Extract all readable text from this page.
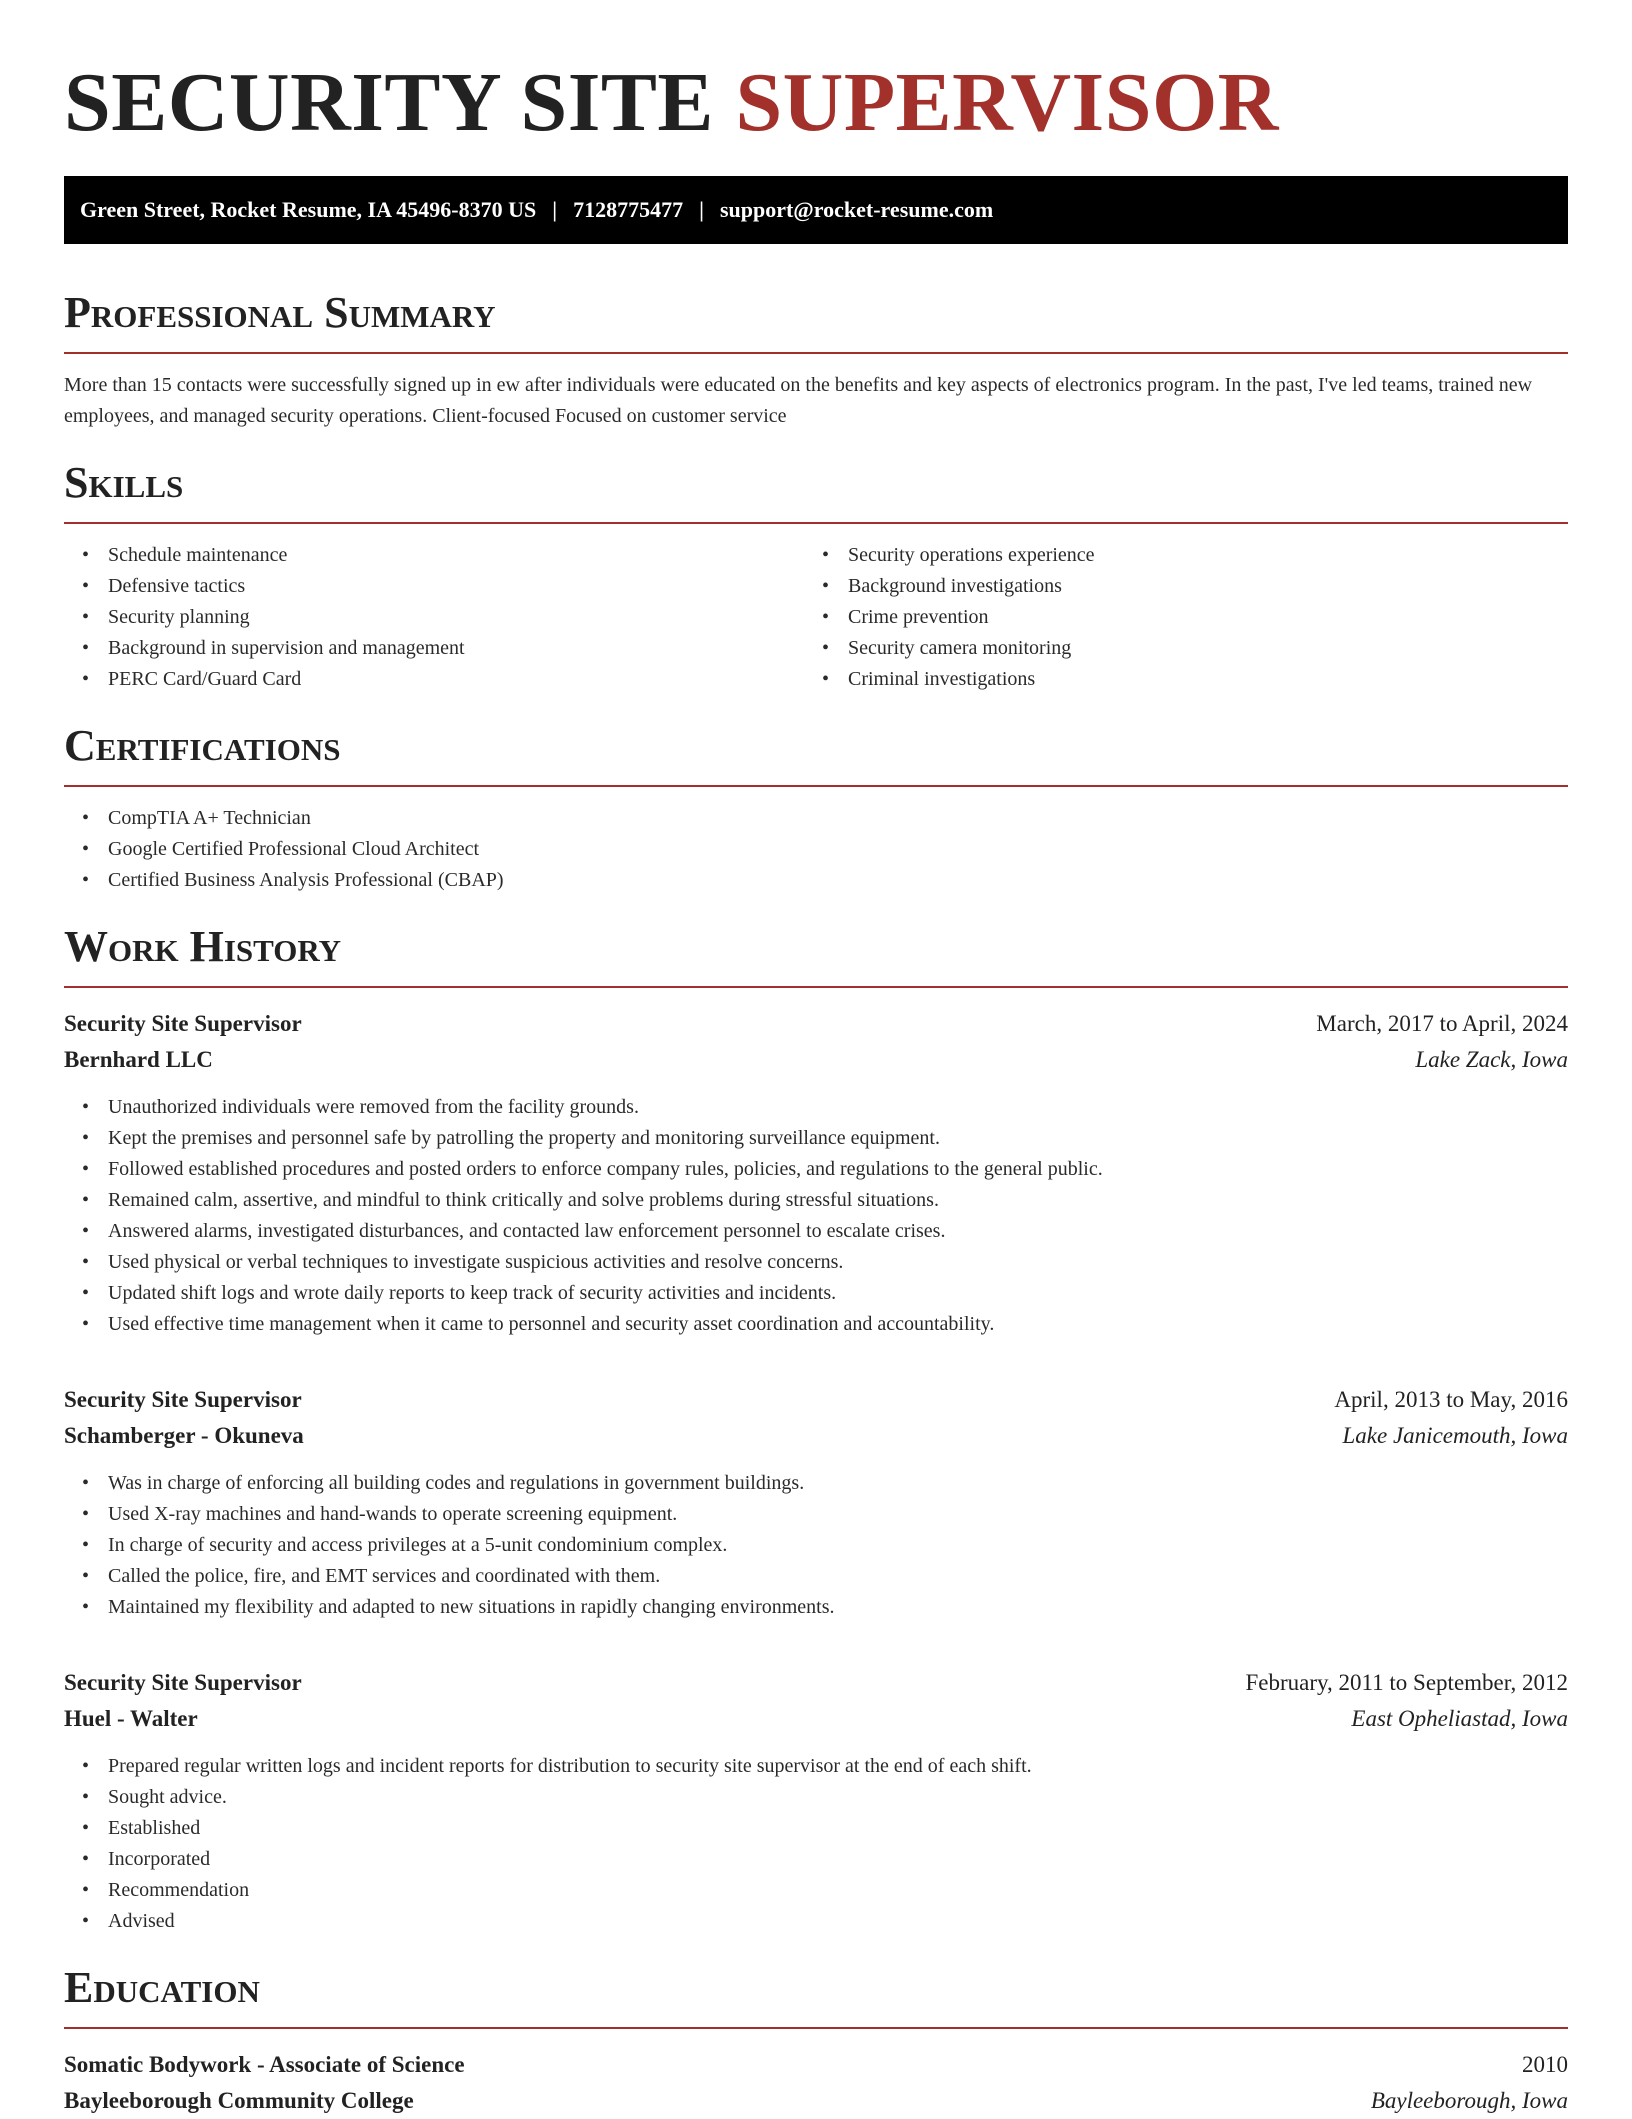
SECURITY SITE SUPERVISOR
Green Street, Rocket Resume, IA 45496-8370 US | 7128775477 | support@rocket-resume.com
Professional Summary

More than 15 contacts were successfully signed up in ew after individuals were educated on the benefits and key aspects of electronics program. In the past, I've led teams, trained new employees, and managed security operations. Client-focused Focused on customer service

Skills
• Schedule maintenance
• Defensive tactics
• Security planning
• Background in supervision and management
• PERC Card/Guard Card
• Security operations experience
• Background investigations
• Crime prevention
• Security camera monitoring
• Criminal investigations
Certifications
• CompTIA A+ Technician
• Google Certified Professional Cloud Architect
• Certified Business Analysis Professional (CBAP)
Work History
Security Site Supervisor	March, 2017 to April, 2024
Bernhard LLC	Lake Zack, Iowa
• Unauthorized individuals were removed from the facility grounds.
• Kept the premises and personnel safe by patrolling the property and monitoring surveillance equipment.
• Followed established procedures and posted orders to enforce company rules, policies, and regulations to the general public.
• Remained calm, assertive, and mindful to think critically and solve problems during stressful situations.
• Answered alarms, investigated disturbances, and contacted law enforcement personnel to escalate crises.
• Used physical or verbal techniques to investigate suspicious activities and resolve concerns.
• Updated shift logs and wrote daily reports to keep track of security activities and incidents.
• Used effective time management when it came to personnel and security asset coordination and accountability.
Security Site Supervisor	April, 2013 to May, 2016
Schamberger - Okuneva	Lake Janicemouth, Iowa
• Was in charge of enforcing all building codes and regulations in government buildings.
• Used X-ray machines and hand-wands to operate screening equipment.
• In charge of security and access privileges at a 5-unit condominium complex.
• Called the police, fire, and EMT services and coordinated with them.
• Maintained my flexibility and adapted to new situations in rapidly changing environments.
Security Site Supervisor	February, 2011 to September, 2012
Huel - Walter	East Opheliastad, Iowa
• Prepared regular written logs and incident reports for distribution to security site supervisor at the end of each shift.
• Sought advice.
• Established
• Incorporated
• Recommendation
• Advised
Education
Somatic Bodywork - Associate of Science	2010
Bayleeborough Community College	Bayleeborough, Iowa
